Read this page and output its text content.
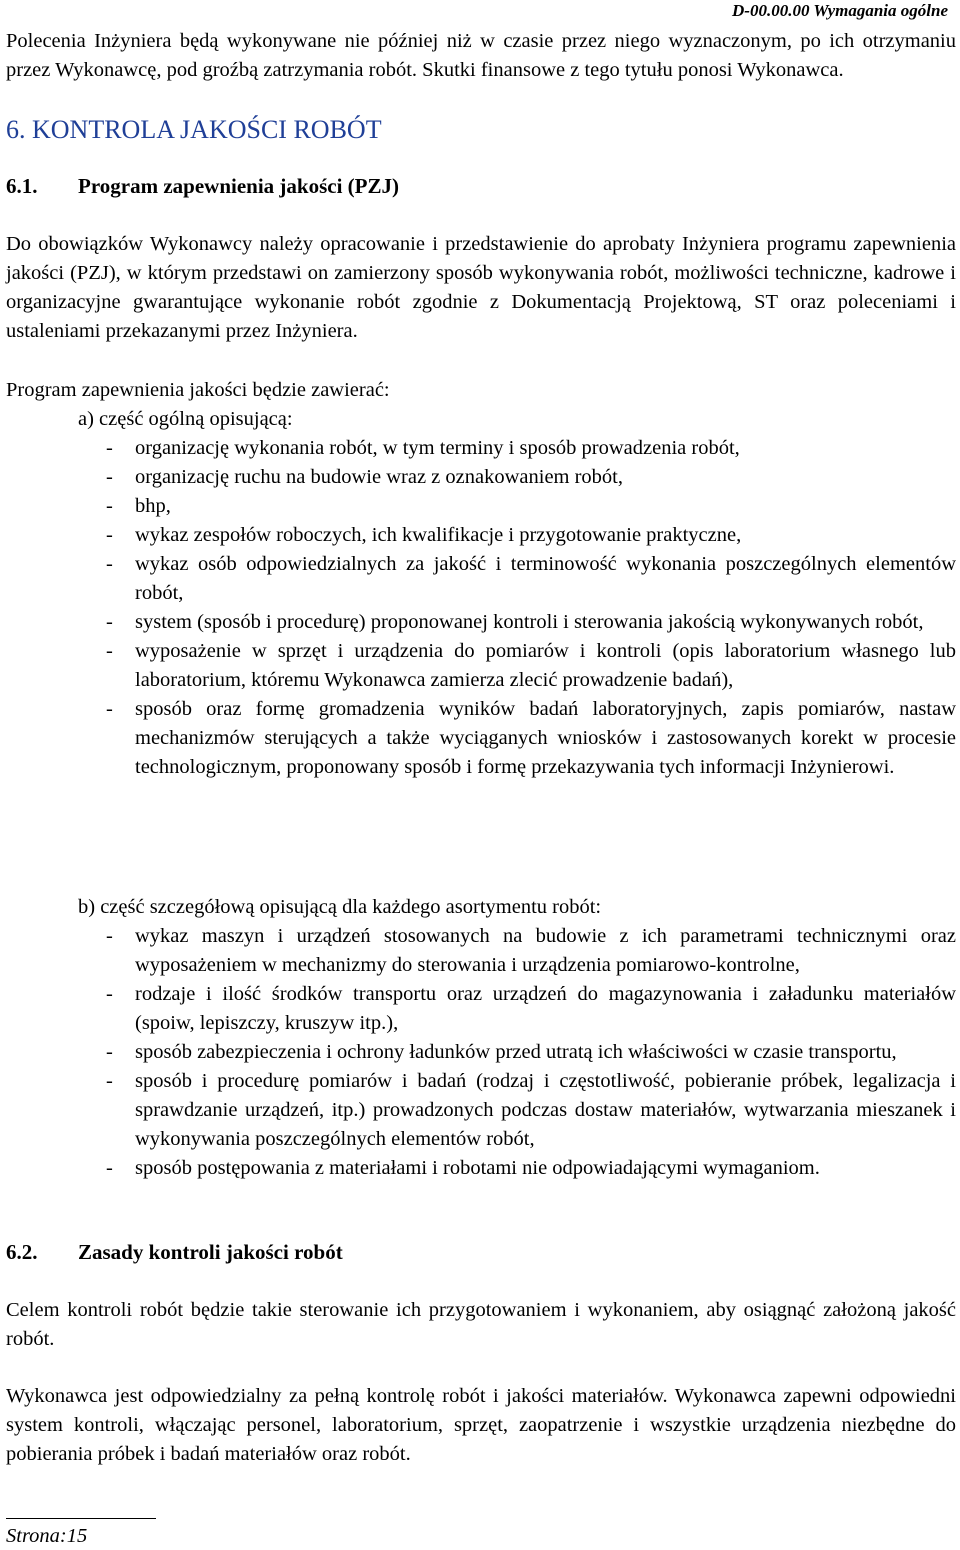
D-00.00.00 Wymagania ogólne

Polecenia Inżyniera będą wykonywane nie później niż w czasie przez niego wyznaczonym, po ich otrzymaniu przez Wykonawcę, pod groźbą zatrzymania robót. Skutki finansowe z tego tytułu ponosi Wykonawca.

6. KONTROLA JAKOŚCI ROBÓT
6.1. Program zapewnienia jakości (PZJ)

Do obowiązków Wykonawcy należy opracowanie i przedstawienie do aprobaty Inżyniera programu zapewnienia jakości (PZJ), w którym przedstawi on zamierzony sposób wykonywania robót, możliwości techniczne, kadrowe i organizacyjne gwarantujące wykonanie robót zgodnie z Dokumentacją Projektową, ST oraz poleceniami i ustaleniami przekazanymi przez Inżyniera.

Program zapewnienia jakości będzie zawierać:

a) część ogólną opisującą:
- organizację wykonania robót, w tym terminy i sposób prowadzenia robót,
- organizację ruchu na budowie wraz z oznakowaniem robót,
- bhp,
- wykaz zespołów roboczych, ich kwalifikacje i przygotowanie praktyczne,
- wykaz osób odpowiedzialnych za jakość i terminowość wykonania poszczególnych elementów robót,
- system (sposób i procedurę) proponowanej kontroli i sterowania jakością wykonywanych robót,
- wyposażenie w sprzęt i urządzenia do pomiarów i kontroli (opis laboratorium własnego lub laboratorium, któremu Wykonawca zamierza zlecić prowadzenie badań),
- sposób oraz formę gromadzenia wyników badań laboratoryjnych, zapis pomiarów, nastaw mechanizmów sterujących a także wyciąganych wniosków i zastosowanych korekt w procesie technologicznym, proponowany sposób i formę przekazywania tych informacji Inżynierowi.
b) część szczegółową opisującą dla każdego asortymentu robót:
- wykaz maszyn i urządzeń stosowanych na budowie z ich parametrami technicznymi oraz wyposażeniem w mechanizmy do sterowania i urządzenia pomiarowo-kontrolne,
- rodzaje i ilość środków transportu oraz urządzeń do magazynowania i załadunku materiałów (spoiw, lepiszczy, kruszyw itp.),
- sposób zabezpieczenia i ochrony ładunków przed utratą ich właściwości w czasie transportu,
- sposób i procedurę pomiarów i badań (rodzaj i częstotliwość, pobieranie próbek, legalizacja i sprawdzanie urządzeń, itp.) prowadzonych podczas dostaw materiałów, wytwarzania mieszanek i wykonywania poszczególnych elementów robót,
- sposób postępowania z materiałami i robotami nie odpowiadającymi wymaganiom.
6.2. Zasady kontroli jakości robót

Celem kontroli robót będzie takie sterowanie ich przygotowaniem i wykonaniem, aby osiągnąć założoną jakość robót.

Wykonawca jest odpowiedzialny za pełną kontrolę robót i jakości materiałów. Wykonawca zapewni odpowiedni system kontroli, włączając personel, laboratorium, sprzęt, zaopatrzenie i wszystkie urządzenia niezbędne do pobierania próbek i badań materiałów oraz robót.

Strona:15
